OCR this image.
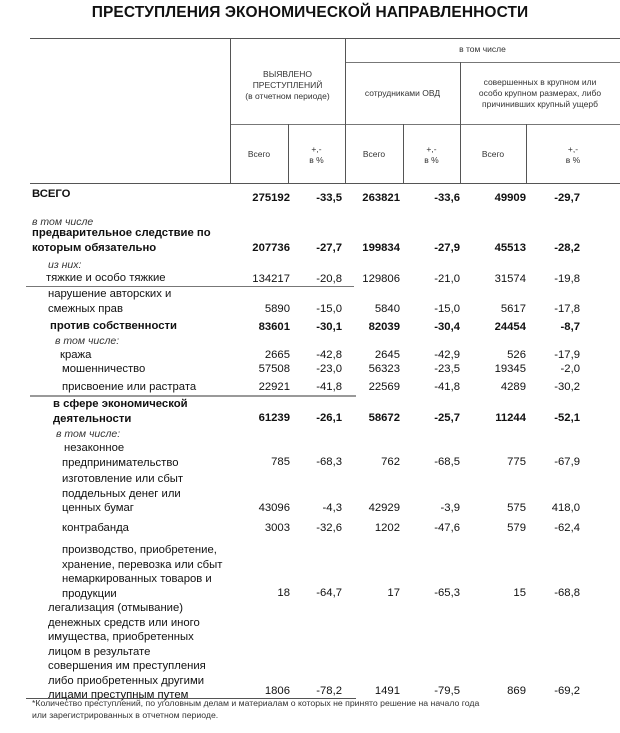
ПРЕСТУПЛЕНИЯ ЭКОНОМИЧЕСКОЙ НАПРАВЛЕННОСТИ
ВЫЯВЛЕНО
ПРЕСТУПЛЕНИЙ
(в отчетном периоде)
в том числе
сотрудниками ОВД
совершенных в крупном или
особо крупном размерах, либо
причинивших крупный ущерб
Всего	+,-
в %
Всего	+,-
в %
Всего	+,-
в %
ВСЕГО	275192	-33,5	263821	-33,6	49909	-29,7
в том числе
предварительное следствие по
которым обязательно	207736	-27,7	199834	-27,9	45513	-28,2
из них:
тяжкие и особо тяжкие	134217	-20,8	129806	-21,0	31574	-19,8
нарушение авторских и
смежных прав	5890	-15,0	5840	-15,0	5617	-17,8
против собственности	83601	-30,1	82039	-30,4	24454	-8,7
в том числе:
кража	2665	-42,8	2645	-42,9	526	-17,9
мошенничество	57508	-23,0	56323	-23,5	19345	-2,0
присвоение или растрата	22921	-41,8	22569	-41,8	4289	-30,2
в сфере экономической
деятельности	61239	-26,1	58672	-25,7	11244	-52,1
в том числе:
незаконное
предпринимательство	785	-68,3	762	-68,5	775	-67,9
изготовление или сбыт
поддельных денег или
ценных бумаг	43096	-4,3	42929	-3,9	575	418,0
контрабанда	3003	-32,6	1202	-47,6	579	-62,4
производство, приобретение,
хранение, перевозка или сбыт
немаркированных товаров и
продукции	18	-64,7	17	-65,3	15	-68,8
легализация (отмывание)
денежных средств или иного
имущества, приобретенных
лицом в результате
совершения им преступления
либо приобретенных другими
лицами преступным путем	1806	-78,2	1491	-79,5	869	-69,2
*Количество преступлений, по уголовным делам и материалам о которых не принято решение на начало года
или зарегистрированных в отчетном периоде.
